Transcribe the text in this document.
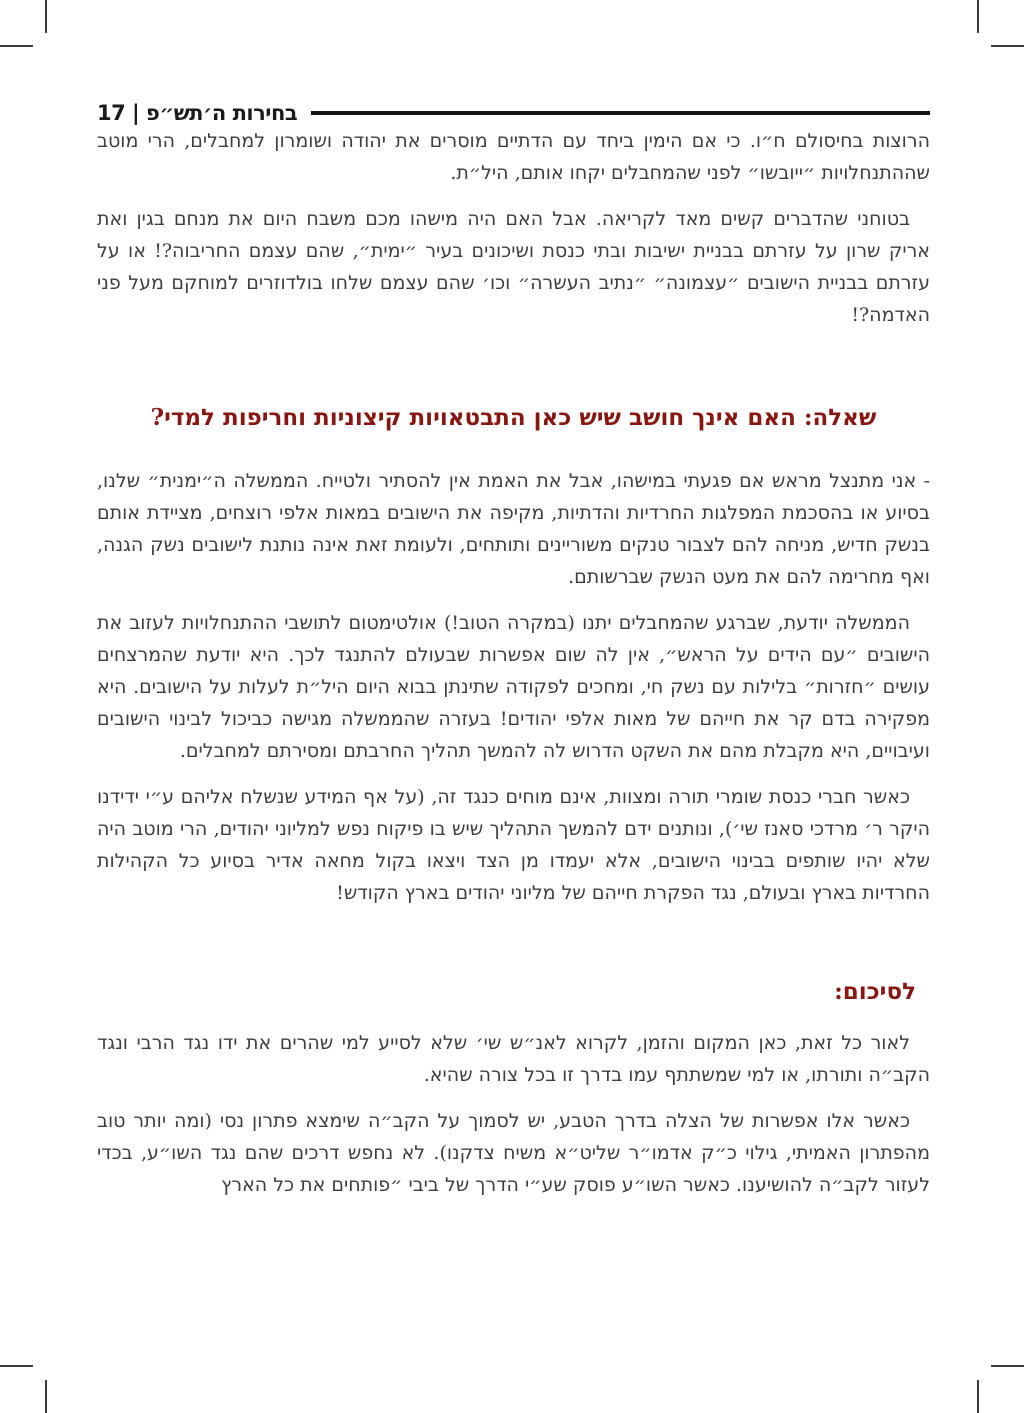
בחירות ה׳תש״פ | 17

הרוצות בחיסולם ח״ו. כי אם הימין ביחד עם הדתיים מוסרים את יהודה ושומרון למחבלים, הרי מוטב שההתנחלויות ״ייובשו״ לפני שהמחבלים יקחו אותם, היל״ת.

בטוחני שהדברים קשים מאד לקריאה. אבל האם היה מישהו מכם משבח היום את מנחם בגין ואת אריק שרון על עזרתם בבניית ישיבות ובתי כנסת ושיכונים בעיר ״ימית״, שהם עצמם החריבוה?! או על עזרתם בבניית הישובים ״עצמונה״ ״נתיב העשרה״ וכו׳ שהם עצמם שלחו בולדוזרים למוחקם מעל פני האדמה?!

שאלה: האם אינך חושב שיש כאן התבטאויות קיצוניות וחריפות למדי?

- אני מתנצל מראש אם פגעתי במישהו, אבל את האמת אין להסתיר ולטייח. הממשלה ה״ימנית״ שלנו, בסיוע או בהסכמת המפלגות החרדיות והדתיות, מקיפה את הישובים במאות אלפי רוצחים, מציידת אותם בנשק חדיש, מניחה להם לצבור טנקים משוריינים ותותחים, ולעומת זאת אינה נותנת לישובים נשק הגנה, ואף מחרימה להם את מעט הנשק שברשותם.

הממשלה יודעת, שברגע שהמחבלים יתנו (במקרה הטוב!) אולטימטום לתושבי ההתנחלויות לעזוב את הישובים ״עם הידים על הראש״, אין לה שום אפשרות שבעולם להתנגד לכך. היא יודעת שהמרצחים עושים ״חזרות״ בלילות עם נשק חי, ומחכים לפקודה שתינתן בבוא היום היל״ת לעלות על הישובים. היא מפקירה בדם קר את חייהם של מאות אלפי יהודים! בעזרה שהממשלה מגישה כביכול לבינוי הישובים ועיבויים, היא מקבלת מהם את השקט הדרוש לה להמשך תהליך החרבתם ומסירתם למחבלים.

כאשר חברי כנסת שומרי תורה ומצוות, אינם מוחים כנגד זה, (על אף המידע שנשלח אליהם ע״י ידידנו היקר ר׳ מרדכי סאנז שי׳), ונותנים ידם להמשך התהליך שיש בו פיקוח נפש למליוני יהודים, הרי מוטב היה שלא יהיו שותפים בבינוי הישובים, אלא יעמדו מן הצד ויצאו בקול מחאה אדיר בסיוע כל הקהילות החרדיות בארץ ובעולם, נגד הפקרת חייהם של מליוני יהודים בארץ הקודש!

לסיכום:

לאור כל זאת, כאן המקום והזמן, לקרוא לאנ״ש שי׳ שלא לסייע למי שהרים את ידו נגד הרבי ונגד הקב״ה ותורתו, או למי שמשתתף עמו בדרך זו בכל צורה שהיא.

כאשר אלו אפשרות של הצלה בדרך הטבע, יש לסמוך על הקב״ה שימצא פתרון נסי (ומה יותר טוב מהפתרון האמיתי, גילוי כ״ק אדמו״ר שליט״א משיח צדקנו). לא נחפש דרכים שהם נגד השו״ע, בכדי לעזור לקב״ה להושיענו. כאשר השו״ע פוסק שע״י הדרך של ביבי ״פותחים את כל הארץ
